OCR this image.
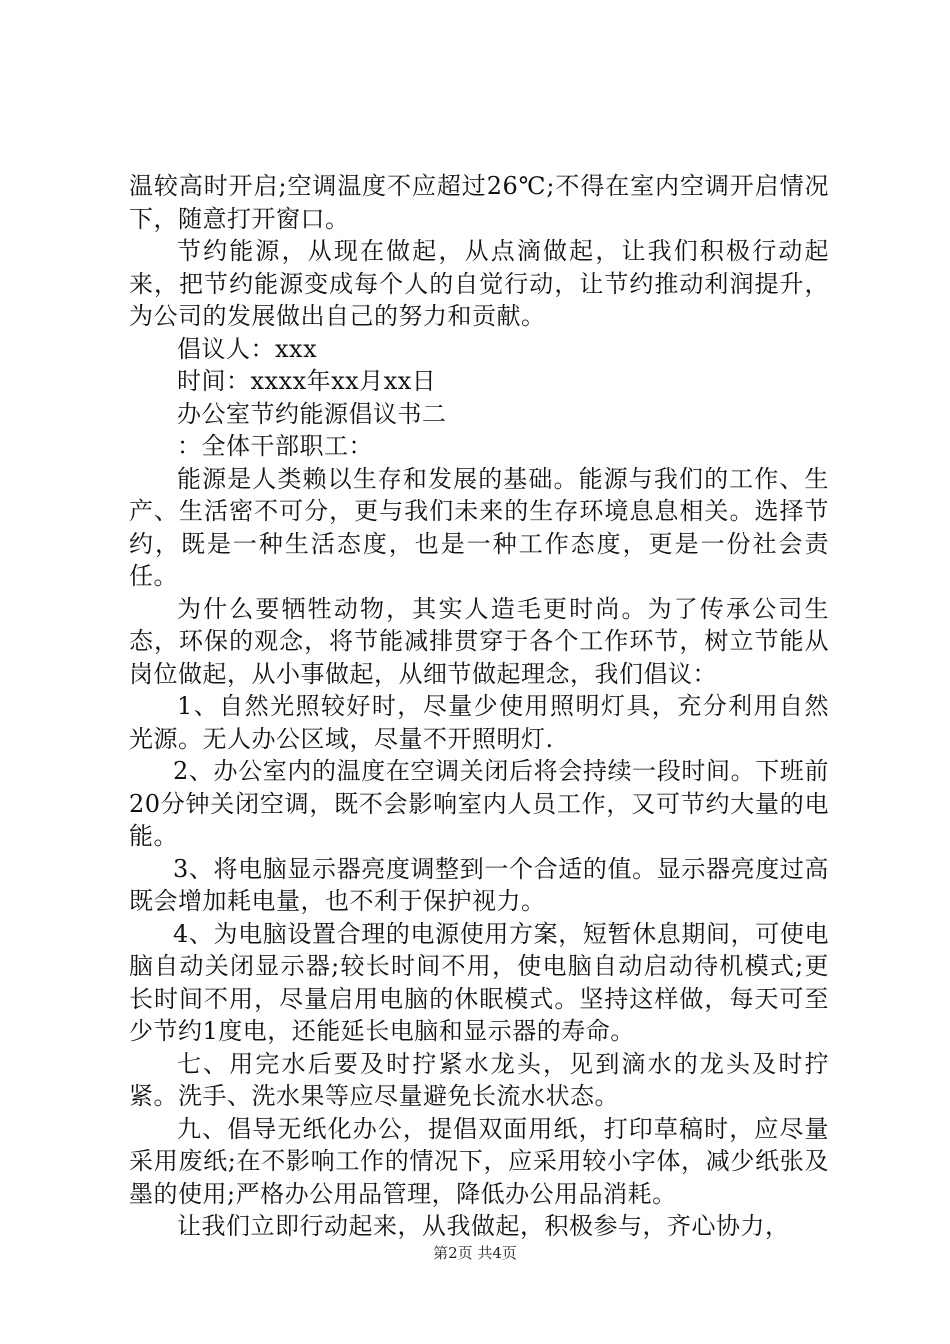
温较高时开启;空调温度不应超过26℃;不得在室内空调开启情况下，随意打开窗口。

节约能源，从现在做起，从点滴做起，让我们积极行动起来，把节约能源变成每个人的自觉行动，让节约推动利润提升，为公司的发展做出自己的努力和贡献。

倡议人：xxx

时间：xxxx年xx月xx日

办公室节约能源倡议书二

：全体干部职工：

能源是人类赖以生存和发展的基础。能源与我们的工作、生产、生活密不可分，更与我们未来的生存环境息息相关。选择节约，既是一种生活态度，也是一种工作态度，更是一份社会责任。

为什么要牺牲动物，其实人造毛更时尚。为了传承公司生态，环保的观念，将节能减排贯穿于各个工作环节，树立节能从岗位做起，从小事做起，从细节做起理念，我们倡议：

1、自然光照较好时，尽量少使用照明灯具，充分利用自然光源。无人办公区域，尽量不开照明灯.

2、办公室内的温度在空调关闭后将会持续一段时间。下班前20分钟关闭空调，既不会影响室内人员工作，又可节约大量的电能。

3、将电脑显示器亮度调整到一个合适的值。显示器亮度过高既会增加耗电量，也不利于保护视力。

4、为电脑设置合理的电源使用方案，短暂休息期间，可使电脑自动关闭显示器;较长时间不用，使电脑自动启动待机模式;更长时间不用，尽量启用电脑的休眠模式。坚持这样做，每天可至少节约1度电，还能延长电脑和显示器的寿命。

七、用完水后要及时拧紧水龙头，见到滴水的龙头及时拧紧。洗手、洗水果等应尽量避免长流水状态。

九、倡导无纸化办公，提倡双面用纸，打印草稿时，应尽量采用废纸;在不影响工作的情况下，应采用较小字体，减少纸张及墨的使用;严格办公用品管理，降低办公用品消耗。

让我们立即行动起来，从我做起，积极参与，齐心协力，

第2页 共4页
